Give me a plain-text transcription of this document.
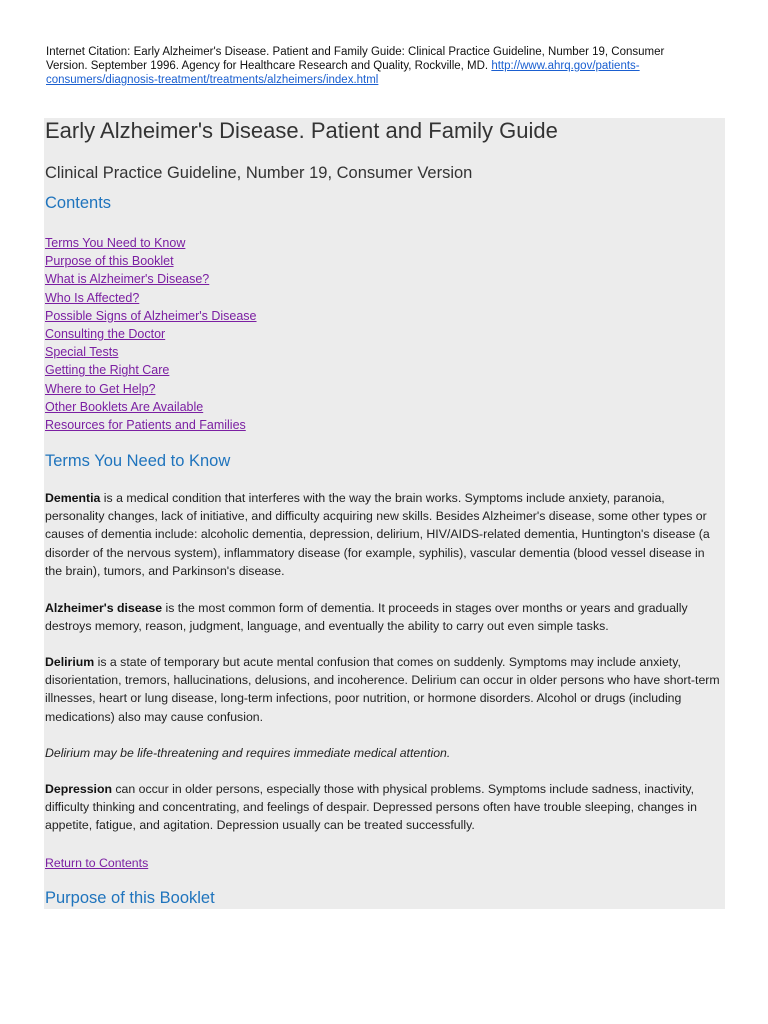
Internet Citation: Early Alzheimer's Disease. Patient and Family Guide: Clinical Practice Guideline, Number 19, Consumer Version. September 1996. Agency for Healthcare Research and Quality, Rockville, MD. http://www.ahrq.gov/patients-consumers/diagnosis-treatment/treatments/alzheimers/index.html
Early Alzheimer's Disease. Patient and Family Guide
Clinical Practice Guideline, Number 19, Consumer Version
Contents
Terms You Need to Know
Purpose of this Booklet
What is Alzheimer's Disease?
Who Is Affected?
Possible Signs of Alzheimer's Disease
Consulting the Doctor
Special Tests
Getting the Right Care
Where to Get Help?
Other Booklets Are Available
Resources for Patients and Families
Terms You Need to Know

Dementia is a medical condition that interferes with the way the brain works. Symptoms include anxiety, paranoia, personality changes, lack of initiative, and difficulty acquiring new skills. Besides Alzheimer's disease, some other types or causes of dementia include: alcoholic dementia, depression, delirium, HIV/AIDS-related dementia, Huntington's disease (a disorder of the nervous system), inflammatory disease (for example, syphilis), vascular dementia (blood vessel disease in the brain), tumors, and Parkinson's disease.

Alzheimer's disease is the most common form of dementia. It proceeds in stages over months or years and gradually destroys memory, reason, judgment, language, and eventually the ability to carry out even simple tasks.

Delirium is a state of temporary but acute mental confusion that comes on suddenly. Symptoms may include anxiety, disorientation, tremors, hallucinations, delusions, and incoherence. Delirium can occur in older persons who have short-term illnesses, heart or lung disease, long-term infections, poor nutrition, or hormone disorders. Alcohol or drugs (including medications) also may cause confusion.

Delirium may be life-threatening and requires immediate medical attention.

Depression can occur in older persons, especially those with physical problems. Symptoms include sadness, inactivity, difficulty thinking and concentrating, and feelings of despair. Depressed persons often have trouble sleeping, changes in appetite, fatigue, and agitation. Depression usually can be treated successfully.

Return to Contents

Purpose of this Booklet
